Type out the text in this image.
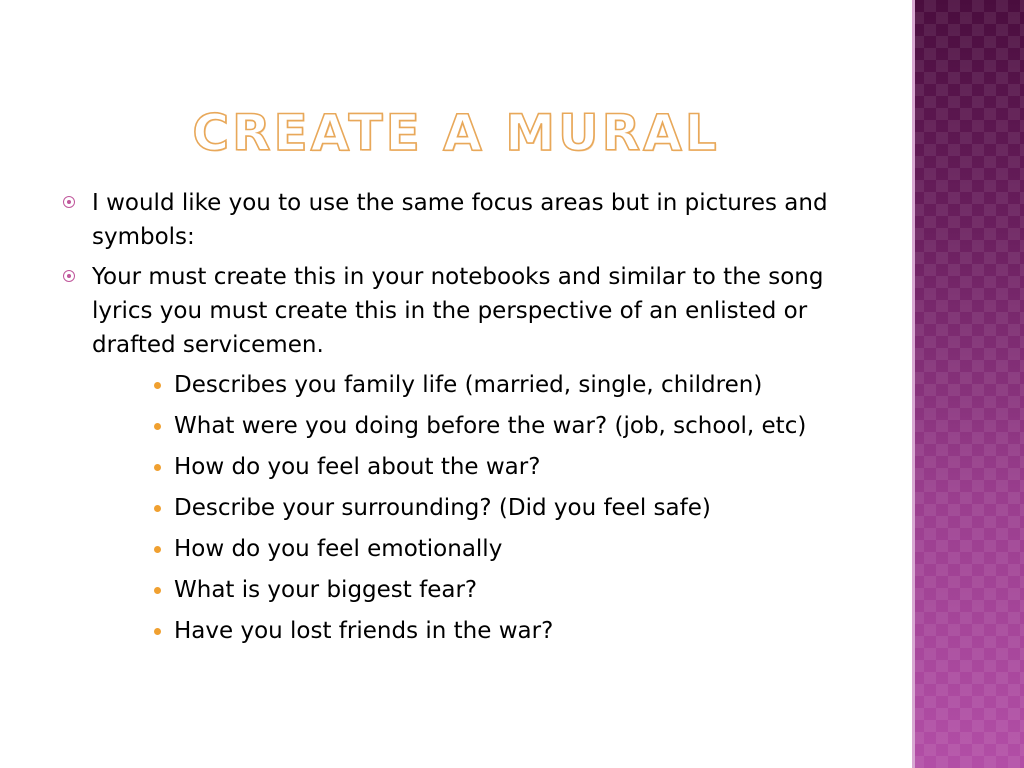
CREATE A MURAL
I would like you to use the same focus areas but in pictures and symbols:
Your must create this in your notebooks and similar to the song lyrics you must create this in the perspective of an enlisted or drafted servicemen.
Describes you family life (married, single, children)
What were you doing before the war? (job, school, etc)
How do you feel about the war?
Describe your surrounding? (Did you feel safe)
How do you feel emotionally
What is your biggest fear?
Have you lost friends in the war?
